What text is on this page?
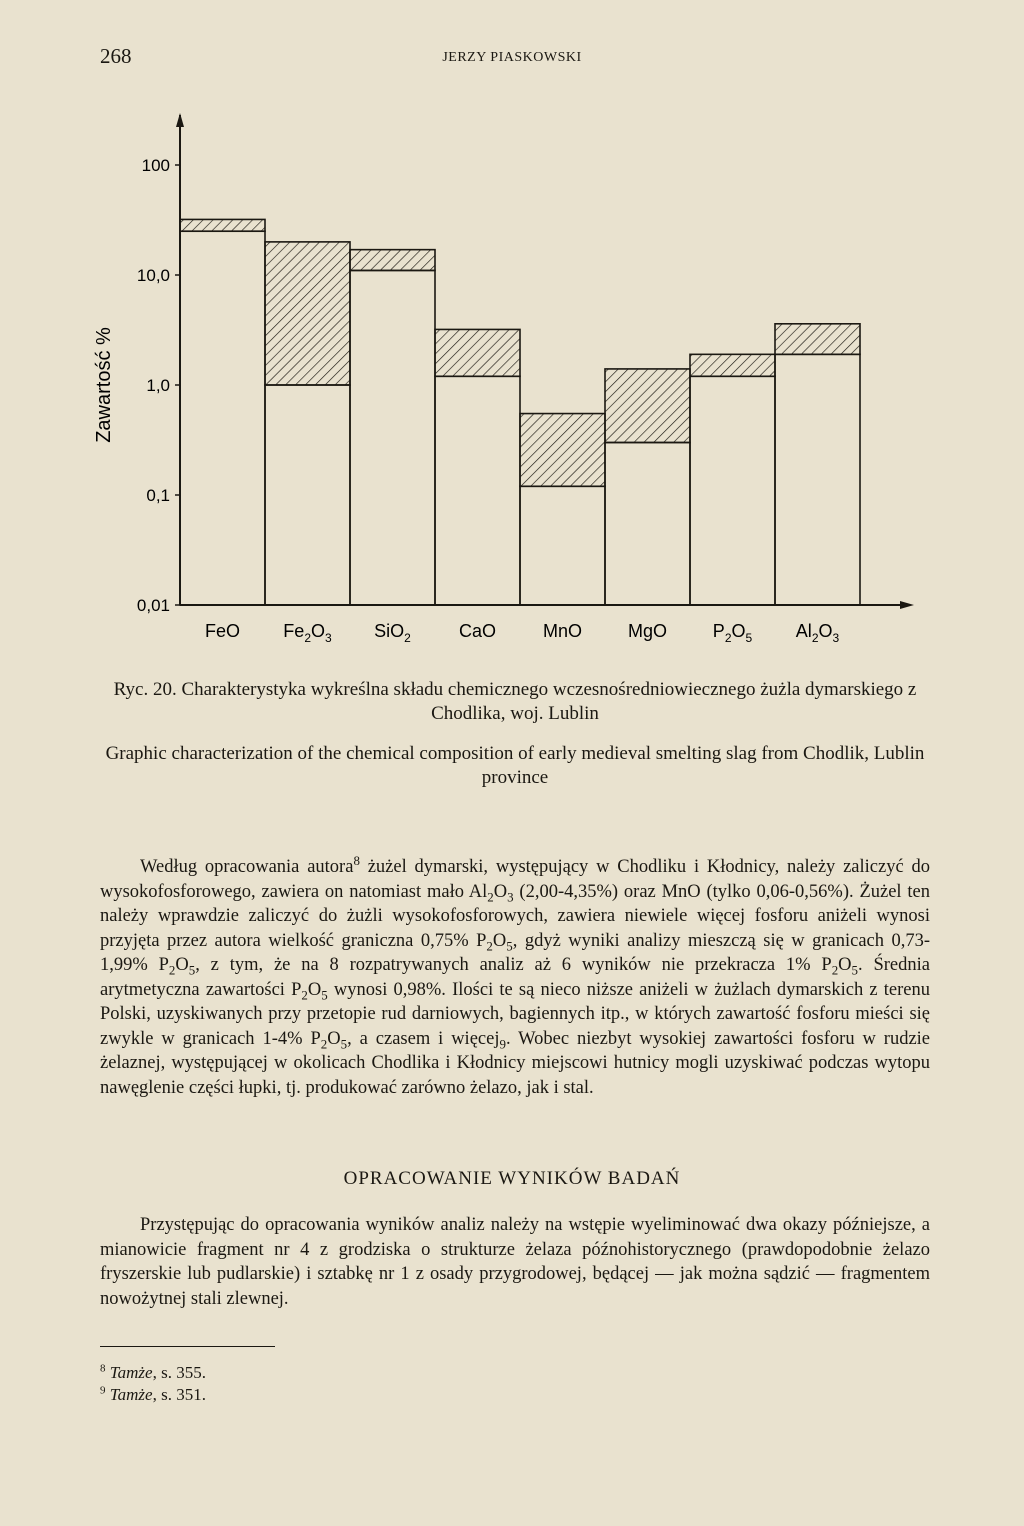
268	JERZY PIASKOWSKI
0,01
0,1
1,0
10,0
100
Zawartość %
FeO $Fe_2O_3$ SiO$_2$	CaO	MnO	MgO	$P_2O_5$ $Al_2O_3$
Ryc. 20. Charakterystyka wykreślna składu chemicznego wczesnośredniowiecznego żużla dymarskiego z Chodlika, woj. Lublin
Graphic characterization of the chemical composition of early medieval smelting slag from Chodlik, Lublin province

Według opracowania autora$^8$ żużel dymarski, występujący w Chodliku i Kłodnicy, należy zaliczyć do wysokofosforowego, zawiera on natomiast mało $Al_2O_3$ (2,00-4,35%) oraz MnO (tylko 0,06-0,56%). Żużel ten należy wprawdzie zaliczyć do żużli wysokofosforowych, zawiera niewiele więcej fosforu aniżeli wynosi przyjęta przez autora wielkość graniczna 0,75% $P_2O_5$, gdyż wyniki analizy mieszczą się w granicach 0,73-1,99% $P_2O_5$, z tym, że na 8 rozpatrywanych analiz aż 6 wyników nie przekracza 1% $P_2O_5$. Średnia arytmetyczna zawartości $P_2O_5$ wynosi 0,98%. Ilości te są nieco niższe aniżeli w żużlach dymarskich z terenu Polski, uzyskiwanych przy przetopie rud darniowych, bagiennych itp., w których zawartość fosforu mieści się zwykle w granicach 1-4% $P_2O_5$, a czasem i więcej$_9$. Wobec niezbyt wysokiej zawartości fosforu w rudzie żelaznej, występującej w okolicach Chodlika i Kłodnicy miejscowi hutnicy mogli uzyskiwać podczas wytopu nawęglenie części łupki, tj. produkować zarówno żelazo, jak i stal.

OPRACOWANIE WYNIKÓW BADAŃ

Przystępując do opracowania wyników analiz należy na wstępie wyeliminować dwa okazy późniejsze, a mianowicie fragment nr 4 z grodziska o strukturze żelaza późnohistorycznego (prawdopodobnie żelazo fryszerskie lub pudlarskie) i sztabkę nr 1 z osady przygrodowej, będącej — jak można sądzić — fragmentem nowożytnej stali zlewnej.

$^8$ Tamże, s. 355.
$^9$ Tamże, s. 351.
